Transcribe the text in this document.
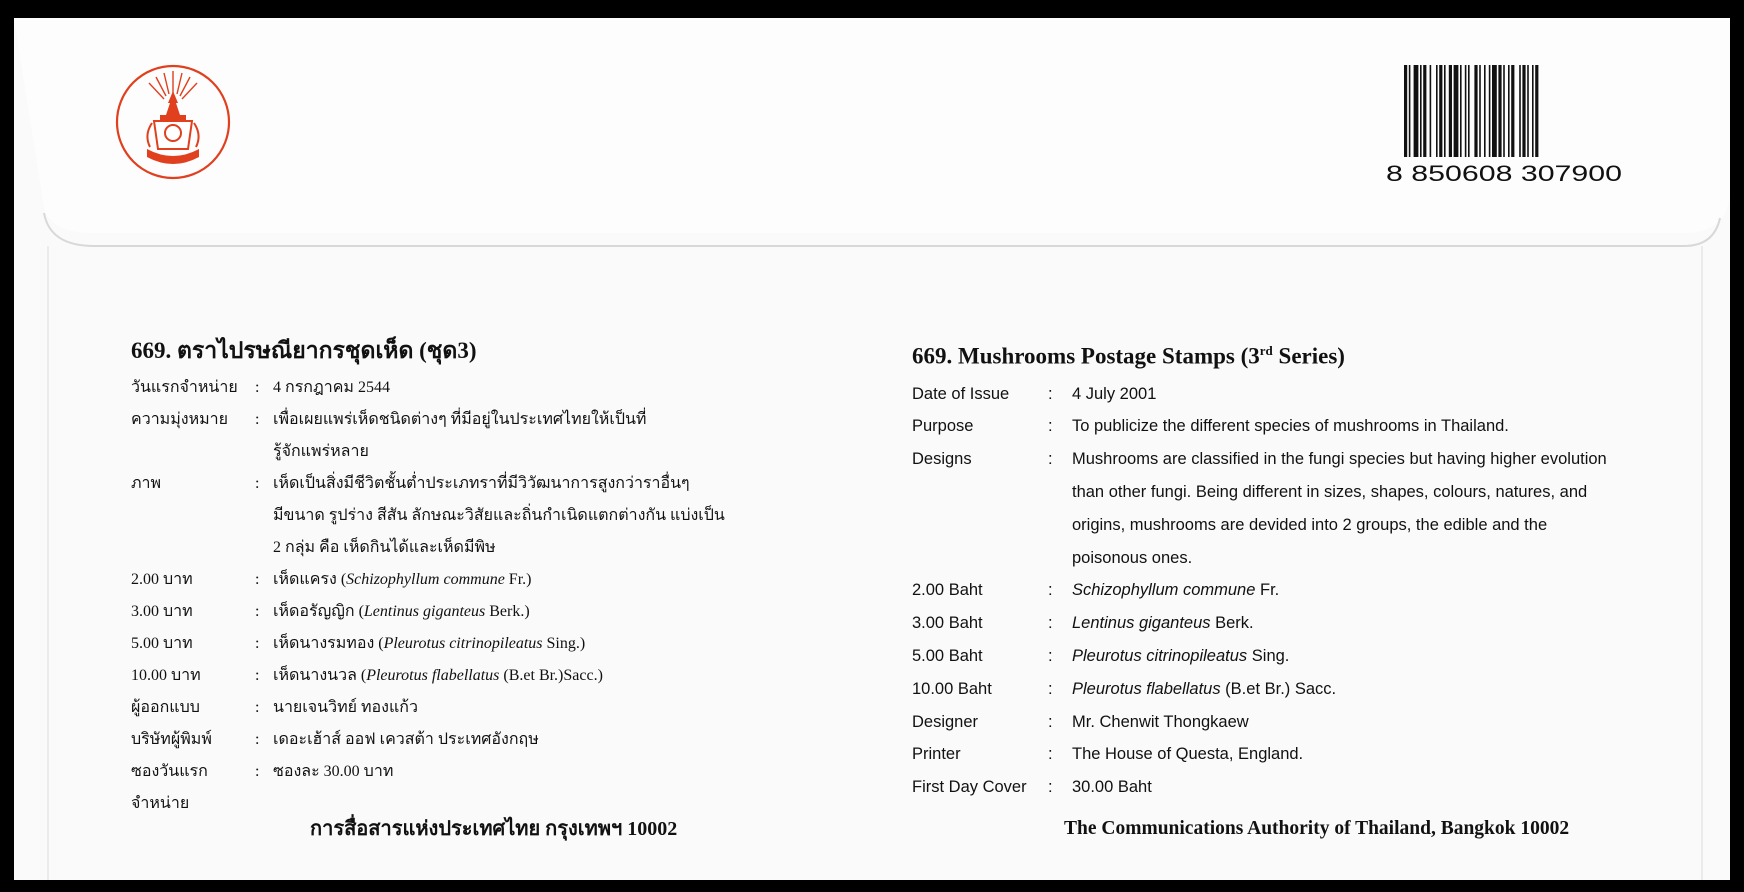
8 850608 307900
669. ตราไปรษณียากรชุดเห็ด (ชุด3)
วันแรกจำหน่าย	: 4 กรกฎาคม 2544
ความมุ่งหมาย	: เพื่อเผยแพร่เห็ดชนิดต่างๆ ที่มีอยู่ในประเทศไทยให้เป็นที่
รู้จักแพร่หลาย
ภาพ	: เห็ดเป็นสิ่งมีชีวิตชั้นต่ำประเภทราที่มีวิวัฒนาการสูงกว่าราอื่นๆ
มีขนาด รูปร่าง สีสัน ลักษณะวิสัยและถิ่นกำเนิดแตกต่างกัน แบ่งเป็น
2 กลุ่ม คือ เห็ดกินได้และเห็ดมีพิษ
2.00 บาท	: เห็ดแครง (Schizophyllum commune Fr.)
3.00 บาท	: เห็ดอรัญญิก (Lentinus giganteus Berk.)
5.00 บาท	: เห็ดนางรมทอง (Pleurotus citrinopileatus Sing.)
10.00 บาท	: เห็ดนางนวล (Pleurotus flabellatus (B.et Br.)Sacc.)
ผู้ออกแบบ	: นายเจนวิทย์ ทองแก้ว
บริษัทผู้พิมพ์	: เดอะเฮ้าส์ ออฟ เควสต้า ประเทศอังกฤษ
ซองวันแรกจำหน่าย
: ซองละ 30.00 บาท
669. Mushrooms Postage Stamps (3rd Series)
Date of Issue	:	4 July 2001
Purpose	:	To publicize the different species of mushrooms in Thailand.
Designs	:	Mushrooms are classified in the fungi species but having higher evolution
than other fungi. Being different in sizes, shapes, colours, natures, and
origins, mushrooms are devided into 2 groups, the edible and the
poisonous ones.
2.00 Baht	:	Schizophyllum commune Fr.
3.00 Baht	:	Lentinus giganteus Berk.
5.00 Baht	:	Pleurotus citrinopileatus Sing.
10.00 Baht	:	Pleurotus flabellatus (B.et Br.) Sacc.
Designer	:	Mr. Chenwit Thongkaew
Printer	:	The House of Questa, England.
First Day Cover	:	30.00 Baht
การสื่อสารแห่งประเทศไทย กรุงเทพฯ 10002	The Communications Authority of Thailand, Bangkok 10002
